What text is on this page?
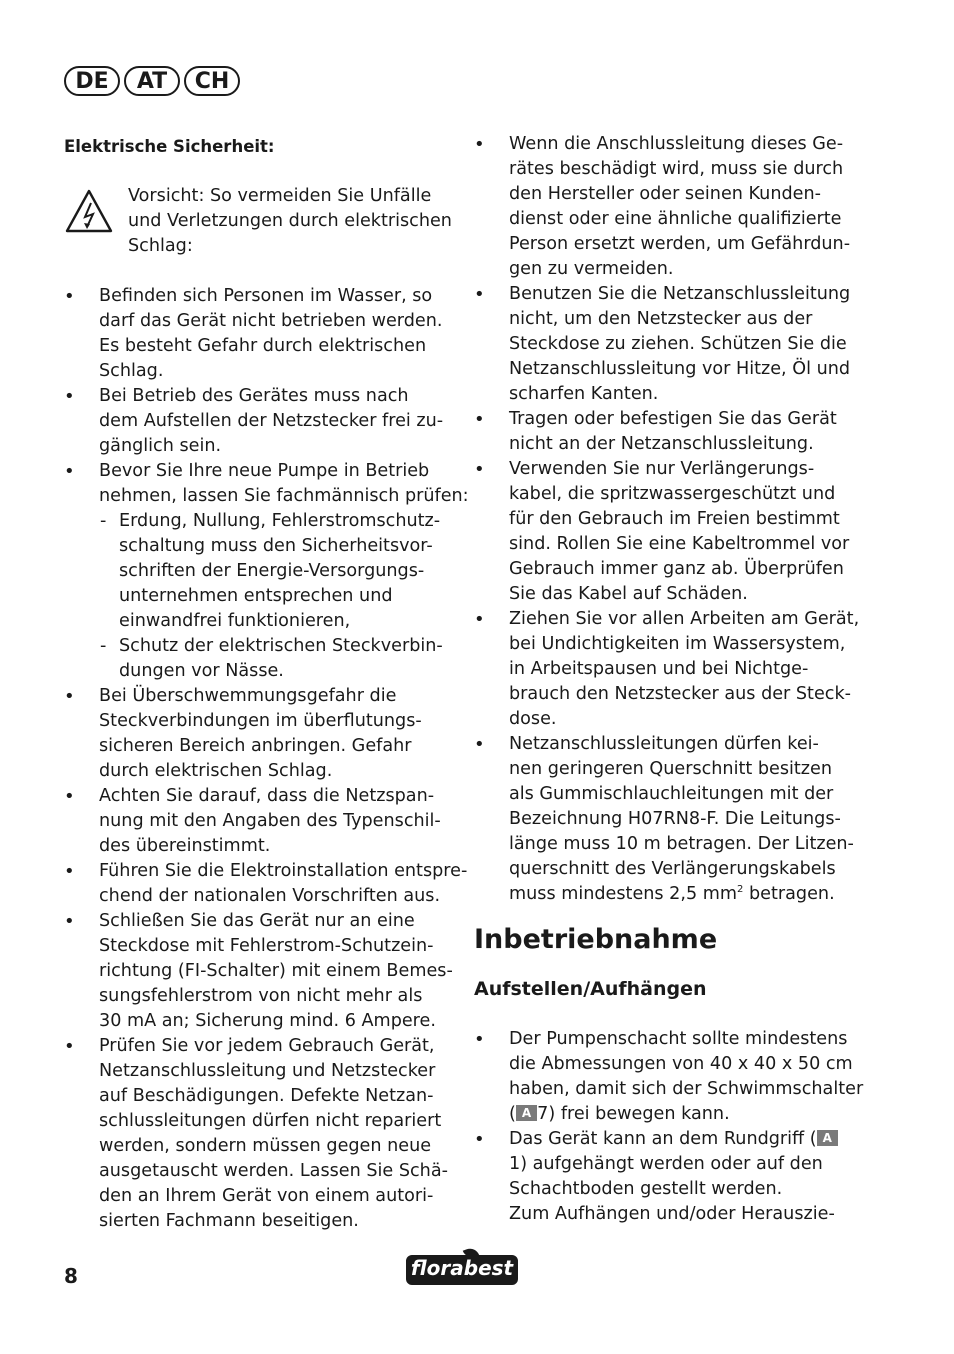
DE	AT	CH
Elektrische Sicherheit:
Vorsicht: So vermeiden Sie Unfälle
und Verletzungen durch elektrischen
Schlag:
• Befinden sich Personen im Wasser, so
darf das Gerät nicht betrieben werden.
Es besteht Gefahr durch elektrischen
Schlag.
• Bei Betrieb des Gerätes muss nach
dem Aufstellen der Netzstecker frei zu-
gänglich sein.
• Bevor Sie Ihre neue Pumpe in Betrieb
nehmen, lassen Sie fachmännisch prüfen:
- Erdung, Nullung, Fehlerstromschutz-
schaltung muss den Sicherheitsvor-
schriften der Energie-Versorgungs-
unternehmen entsprechen und
einwandfrei funktionieren,
- Schutz der elektrischen Steckverbin-
dungen vor Nässe.
• Bei Überschwemmungsgefahr die
Steckverbindungen im überflutungs-
sicheren Bereich anbringen. Gefahr
durch elektrischen Schlag.
• Achten Sie darauf, dass die Netzspan-
nung mit den Angaben des Typenschil-
des übereinstimmt.
• Führen Sie die Elektroinstallation entspre-
chend der nationalen Vorschriften aus.
• Schließen Sie das Gerät nur an eine
Steckdose mit Fehlerstrom-Schutzein-
richtung (FI-Schalter) mit einem Bemes-
sungsfehlerstrom von nicht mehr als
30 mA an; Sicherung mind. 6 Ampere.
• Prüfen Sie vor jedem Gebrauch Gerät,
Netzanschlussleitung und Netzstecker
auf Beschädigungen. Defekte Netzan-
schlussleitungen dürfen nicht repariert
werden, sondern müssen gegen neue
ausgetauscht werden. Lassen Sie Schä-
den an Ihrem Gerät von einem autori-
sierten Fachmann beseitigen.
• Wenn die Anschlussleitung dieses Ge-
rätes beschädigt wird, muss sie durch
den Hersteller oder seinen Kunden-
dienst oder eine ähnliche qualifizierte
Person ersetzt werden, um Gefährdun-
gen zu vermeiden.
• Benutzen Sie die Netzanschlussleitung
nicht, um den Netzstecker aus der
Steckdose zu ziehen. Schützen Sie die
Netzanschlussleitung vor Hitze, Öl und
scharfen Kanten.
• Tragen oder befestigen Sie das Gerät
nicht an der Netzanschlussleitung.
• Verwenden Sie nur Verlängerungs-
kabel, die spritzwassergeschützt und
für den Gebrauch im Freien bestimmt
sind. Rollen Sie eine Kabeltrommel vor
Gebrauch immer ganz ab. Überprüfen
Sie das Kabel auf Schäden.
• Ziehen Sie vor allen Arbeiten am Gerät,
bei Undichtigkeiten im Wassersystem,
in Arbeitspausen und bei Nichtge-
brauch den Netzstecker aus der Steck-
dose.
• Netzanschlussleitungen dürfen kei-
nen geringeren Querschnitt besitzen
als Gummischlauchleitungen mit der
Bezeichnung H07RN8-F. Die Leitungs-
länge muss 10 m betragen. Der Litzen-
querschnitt des Verlängerungskabels
muss mindestens 2,5 $mm^2$ betragen.
Inbetriebnahme
Aufstellen/Aufhängen
• Der Pumpenschacht sollte mindestens
die Abmessungen von 40 x 40 x 50 cm
haben, damit sich der Schwimmschalter
( A 7) frei bewegen kann.
• Das Gerät kann an dem Rundgriff ( A
1) aufgehängt werden oder auf den
Schachtboden gestellt werden.
Zum Aufhängen und/oder Herauszie-
8	florabest
